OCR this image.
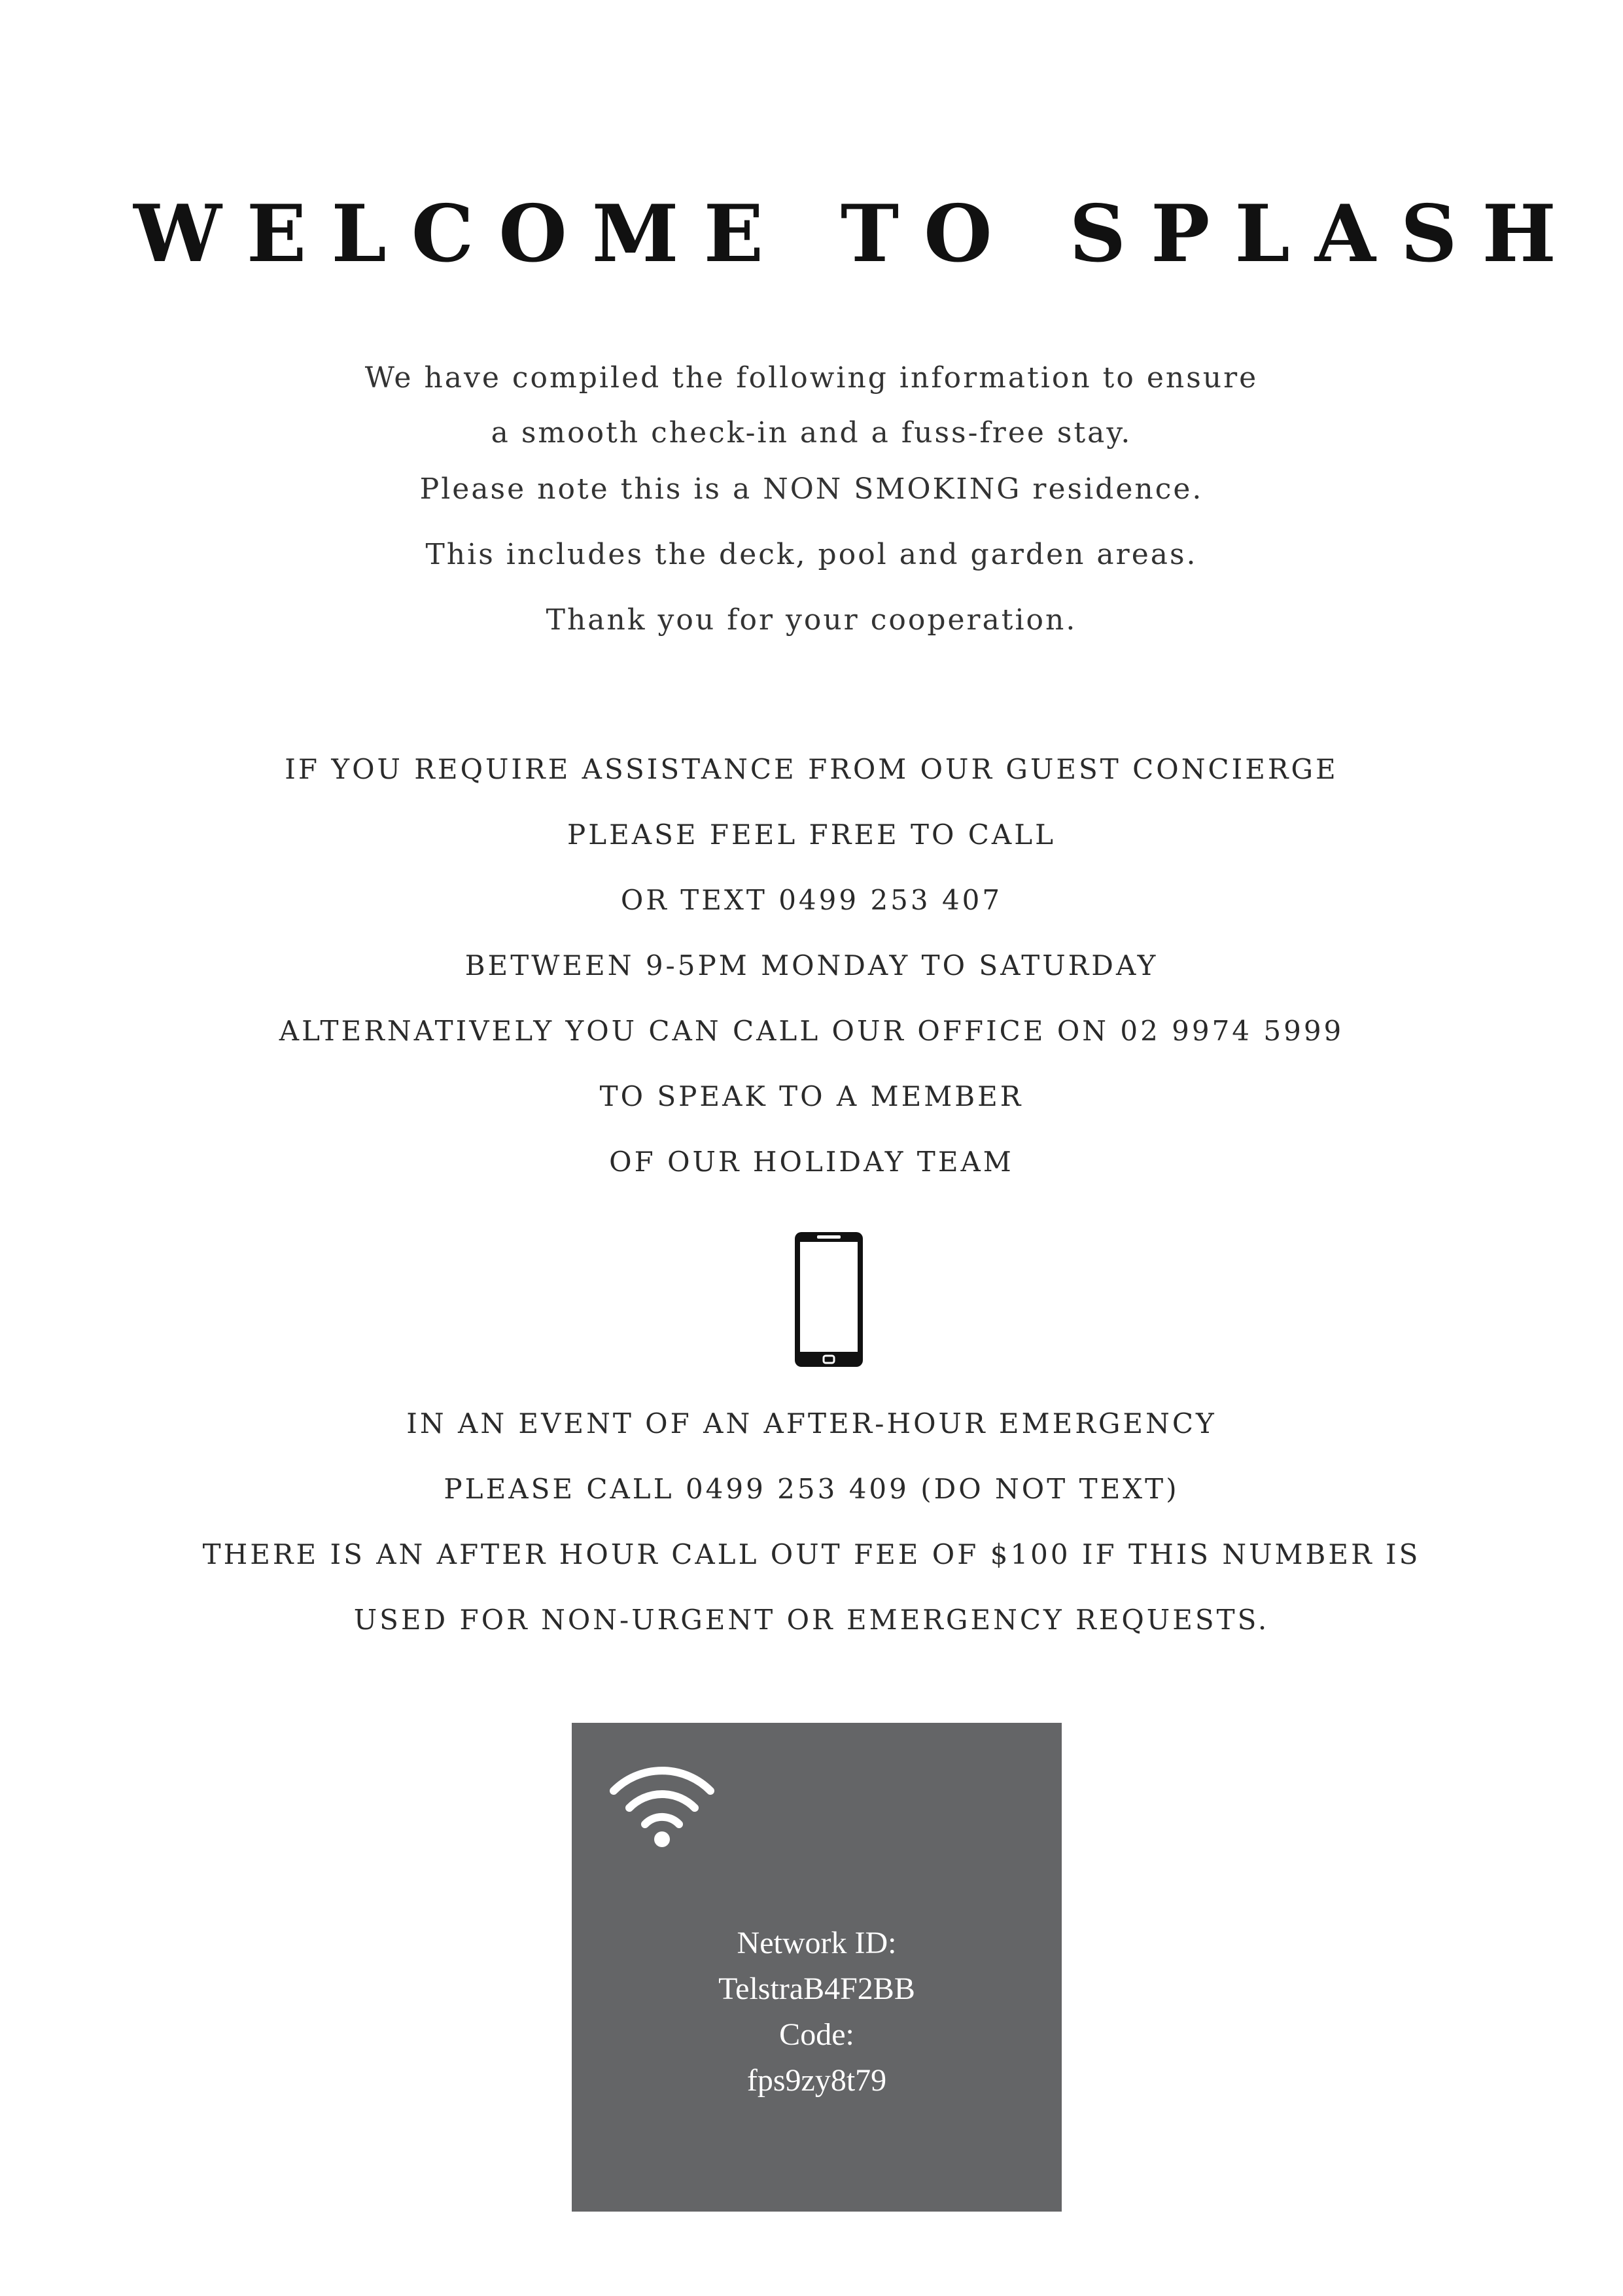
WELCOME TO SPLASH
We have compiled the following information to ensure
a smooth check-in and a fuss-free stay.
Please note this is a NON SMOKING residence.
This includes the deck, pool and garden areas.
Thank you for your cooperation.
IF YOU REQUIRE ASSISTANCE FROM OUR GUEST CONCIERGE
PLEASE FEEL FREE TO CALL
OR TEXT 0499 253 407
BETWEEN 9-5PM MONDAY TO SATURDAY
ALTERNATIVELY YOU CAN CALL OUR OFFICE ON 02 9974 5999
TO SPEAK TO A MEMBER
OF OUR HOLIDAY TEAM
IN AN EVENT OF AN AFTER-HOUR EMERGENCY
PLEASE CALL 0499 253 409 (DO NOT TEXT)
THERE IS AN AFTER HOUR CALL OUT FEE OF $100 IF THIS NUMBER IS
USED FOR NON-URGENT OR EMERGENCY REQUESTS.
Network ID:
TelstraB4F2BB
Code:
fps9zy8t79
